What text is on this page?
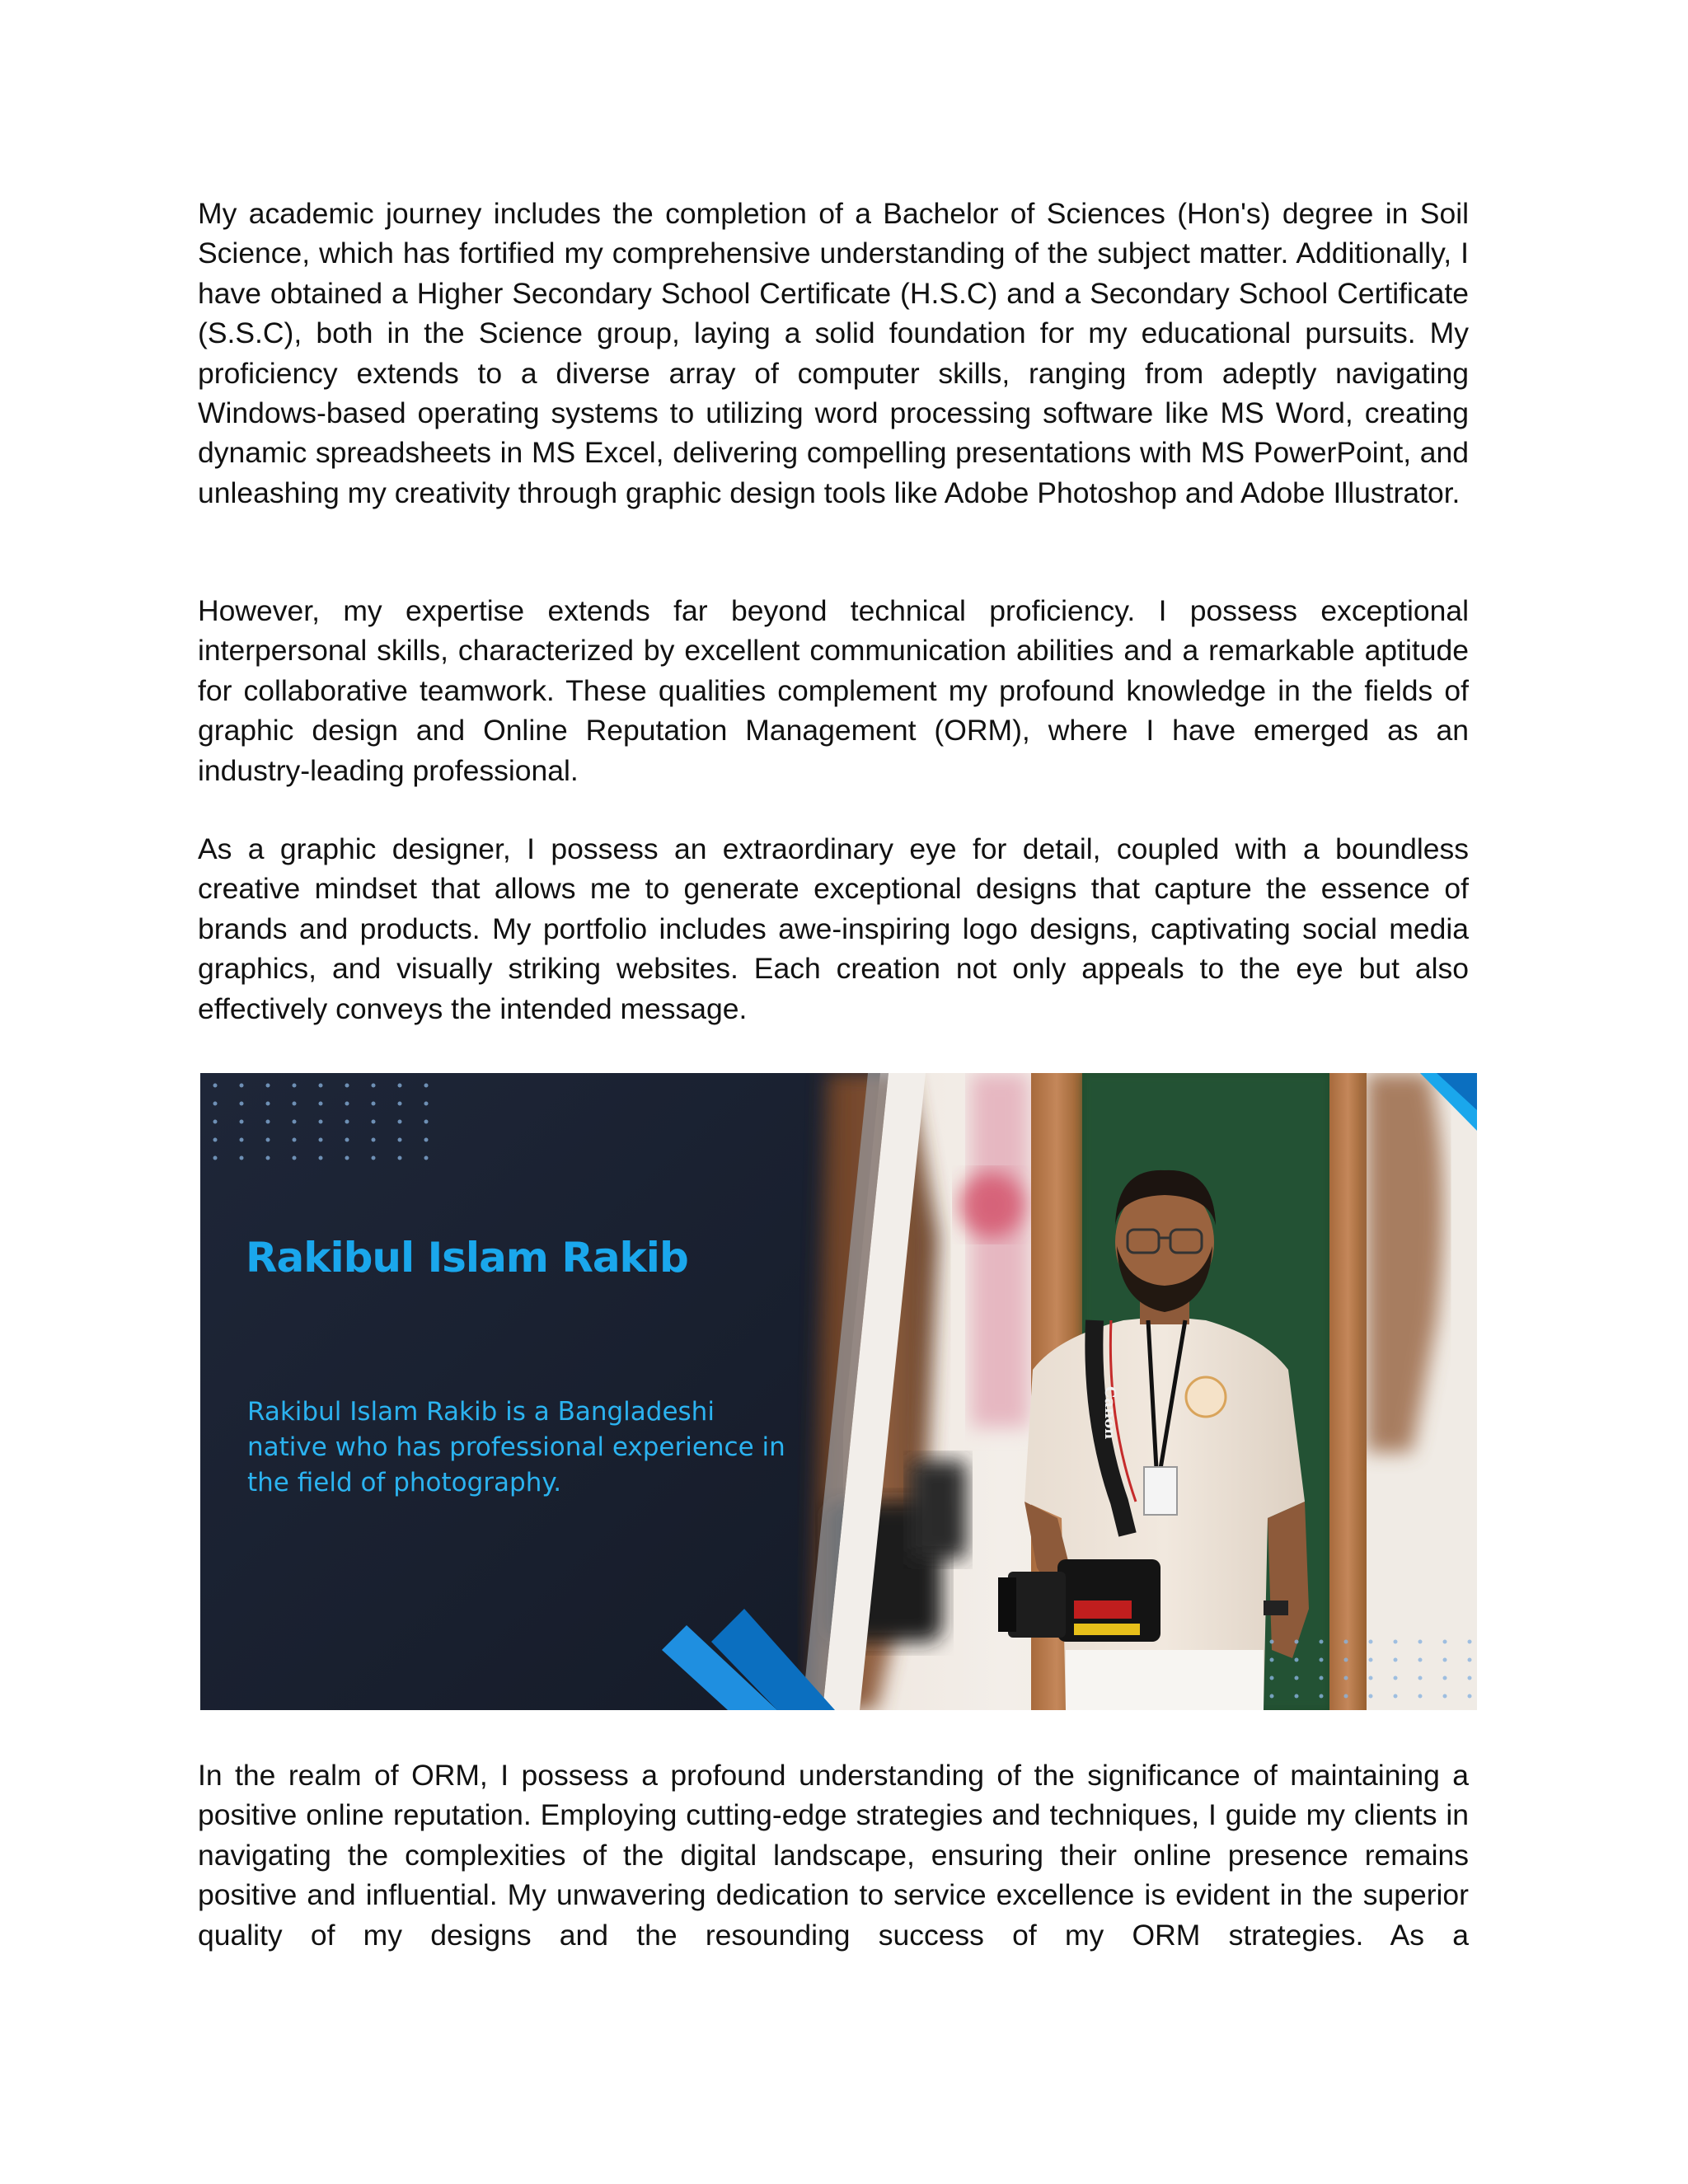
My academic journey includes the completion of a Bachelor of Sciences (Hon's) degree in Soil Science, which has fortified my comprehensive understanding of the subject matter. Additionally, I have obtained a Higher Secondary School Certificate (H.S.C) and a Secondary School Certificate (S.S.C), both in the Science group, laying a solid foundation for my educational pursuits. My proficiency extends to a diverse array of computer skills, ranging from adeptly navigating Windows-based operating systems to utilizing word processing software like MS Word, creating dynamic spreadsheets in MS Excel, delivering compelling presentations with MS PowerPoint, and unleashing my creativity through graphic design tools like Adobe Photoshop and Adobe Illustrator.

However, my expertise extends far beyond technical proficiency. I possess exceptional interpersonal skills, characterized by excellent communication abilities and a remarkable aptitude for collaborative teamwork. These qualities complement my profound knowledge in the fields of graphic design and Online Reputation Management (ORM), where I have emerged as an industry-leading professional.

As a graphic designer, I possess an extraordinary eye for detail, coupled with a boundless creative mindset that allows me to generate exceptional designs that capture the essence of brands and products. My portfolio includes awe-inspiring logo designs, captivating social media graphics, and visually striking websites. Each creation not only appeals to the eye but also effectively conveys the intended message.

Canon
Rakibul Islam Rakib

Rakibul Islam Rakib is a Bangladeshi native who has professional experience in the field of photography.

In the realm of ORM, I possess a profound understanding of the significance of maintaining a positive online reputation. Employing cutting-edge strategies and techniques, I guide my clients in navigating the complexities of the digital landscape, ensuring their online presence remains positive and influential. My unwavering dedication to service excellence is evident in the superior quality of my designs and the resounding success of my ORM strategies. As a
